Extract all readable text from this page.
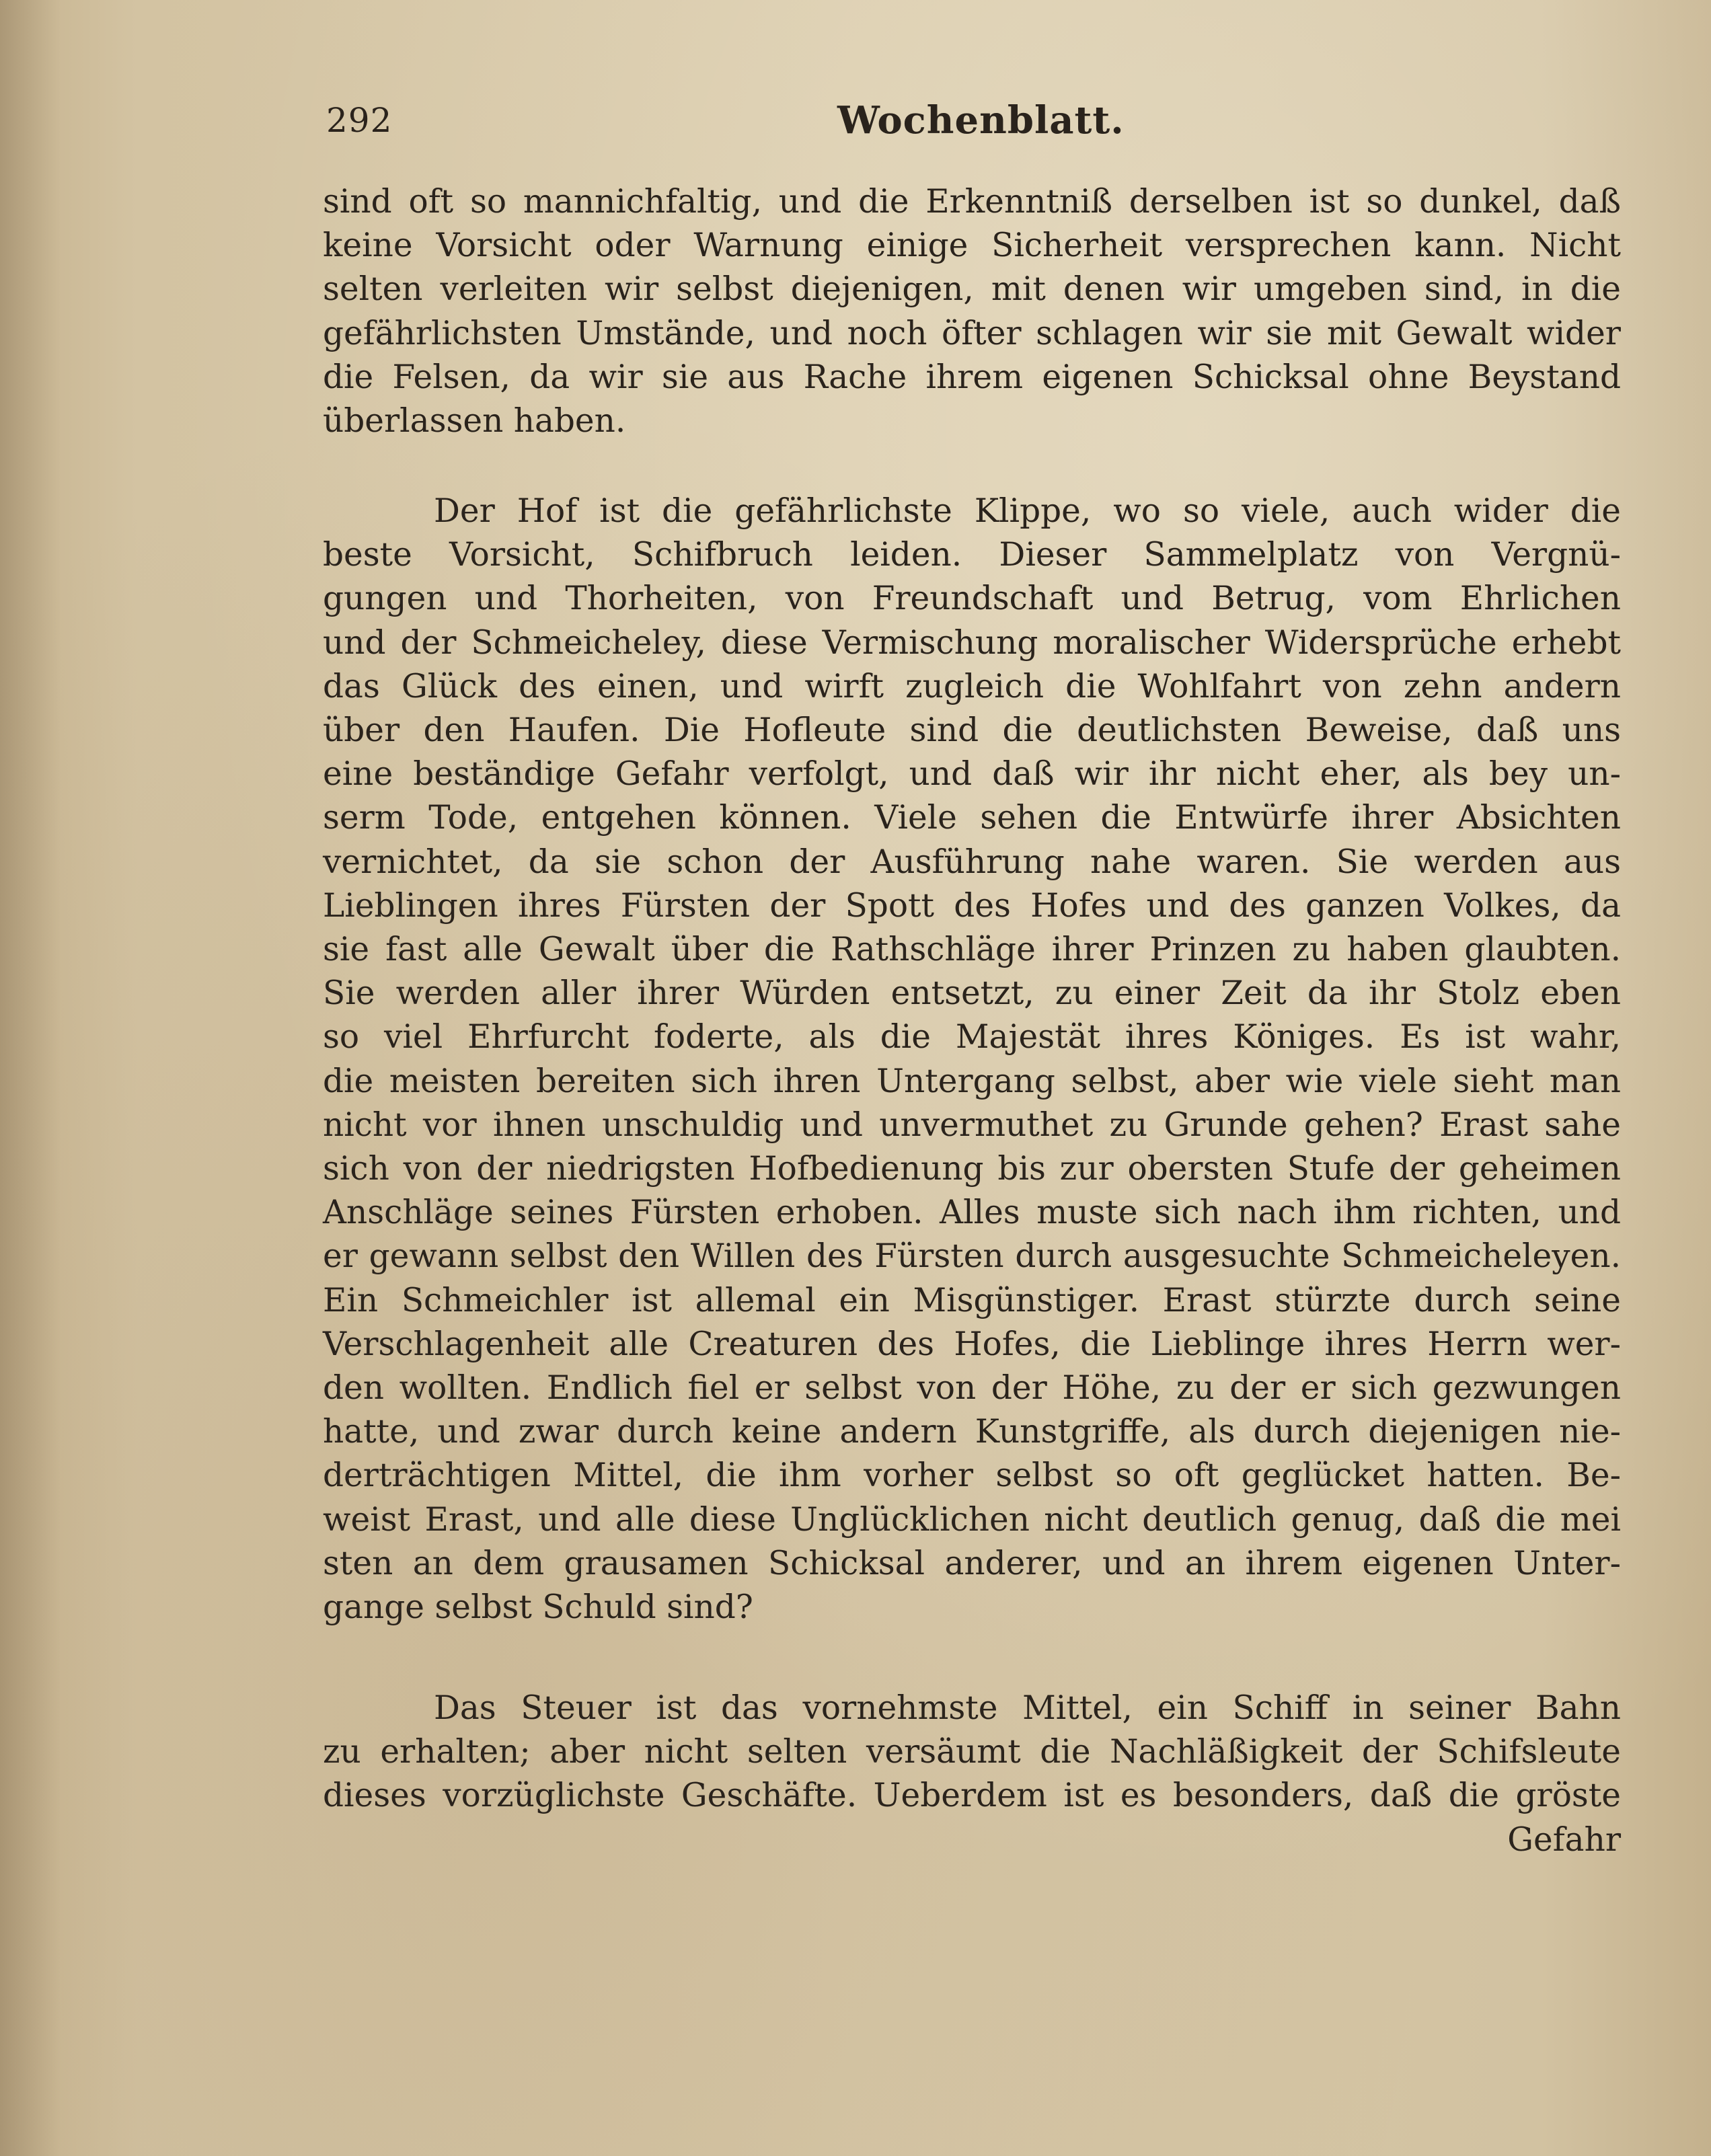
292	Wochenblatt.
sind oft so mannichfaltig, und die Erkenntniß derselben ist so dunkel, daß
keine Vorsicht oder Warnung einige Sicherheit versprechen kann. Nicht
selten verleiten wir selbst diejenigen, mit denen wir umgeben sind, in die
gefährlichsten Umstände, und noch öfter schlagen wir sie mit Gewalt wider
die Felsen, da wir sie aus Rache ihrem eigenen Schicksal ohne Beystand
überlassen haben.
Der Hof ist die gefährlichste Klippe, wo so viele, auch wider die
beste Vorsicht, Schifbruch leiden. Dieser Sammelplatz von Vergnü-
gungen und Thorheiten, von Freundschaft und Betrug, vom Ehrlichen
und der Schmeicheley, diese Vermischung moralischer Widersprüche erhebt
das Glück des einen, und wirft zugleich die Wohlfahrt von zehn andern
über den Haufen. Die Hofleute sind die deutlichsten Beweise, daß uns
eine beständige Gefahr verfolgt, und daß wir ihr nicht eher, als bey un-
serm Tode, entgehen können. Viele sehen die Entwürfe ihrer Absichten
vernichtet, da sie schon der Ausführung nahe waren. Sie werden aus
Lieblingen ihres Fürsten der Spott des Hofes und des ganzen Volkes, da
sie fast alle Gewalt über die Rathschläge ihrer Prinzen zu haben glaubten.
Sie werden aller ihrer Würden entsetzt, zu einer Zeit da ihr Stolz eben
so viel Ehrfurcht foderte, als die Majestät ihres Königes. Es ist wahr,
die meisten bereiten sich ihren Untergang selbst, aber wie viele sieht man
nicht vor ihnen unschuldig und unvermuthet zu Grunde gehen? Erast sahe
sich von der niedrigsten Hofbedienung bis zur obersten Stufe der geheimen
Anschläge seines Fürsten erhoben. Alles muste sich nach ihm richten, und
er gewann selbst den Willen des Fürsten durch ausgesuchte Schmeicheleyen.
Ein Schmeichler ist allemal ein Misgünstiger. Erast stürzte durch seine
Verschlagenheit alle Creaturen des Hofes, die Lieblinge ihres Herrn wer-
den wollten. Endlich fiel er selbst von der Höhe, zu der er sich gezwungen
hatte, und zwar durch keine andern Kunstgriffe, als durch diejenigen nie-
derträchtigen Mittel, die ihm vorher selbst so oft geglücket hatten. Be-
weist Erast, und alle diese Unglücklichen nicht deutlich genug, daß die mei
sten an dem grausamen Schicksal anderer, und an ihrem eigenen Unter-
gange selbst Schuld sind?
Das Steuer ist das vornehmste Mittel, ein Schiff in seiner Bahn
zu erhalten; aber nicht selten versäumt die Nachläßigkeit der Schifsleute
dieses vorzüglichste Geschäfte. Ueberdem ist es besonders, daß die gröste
Gefahr
